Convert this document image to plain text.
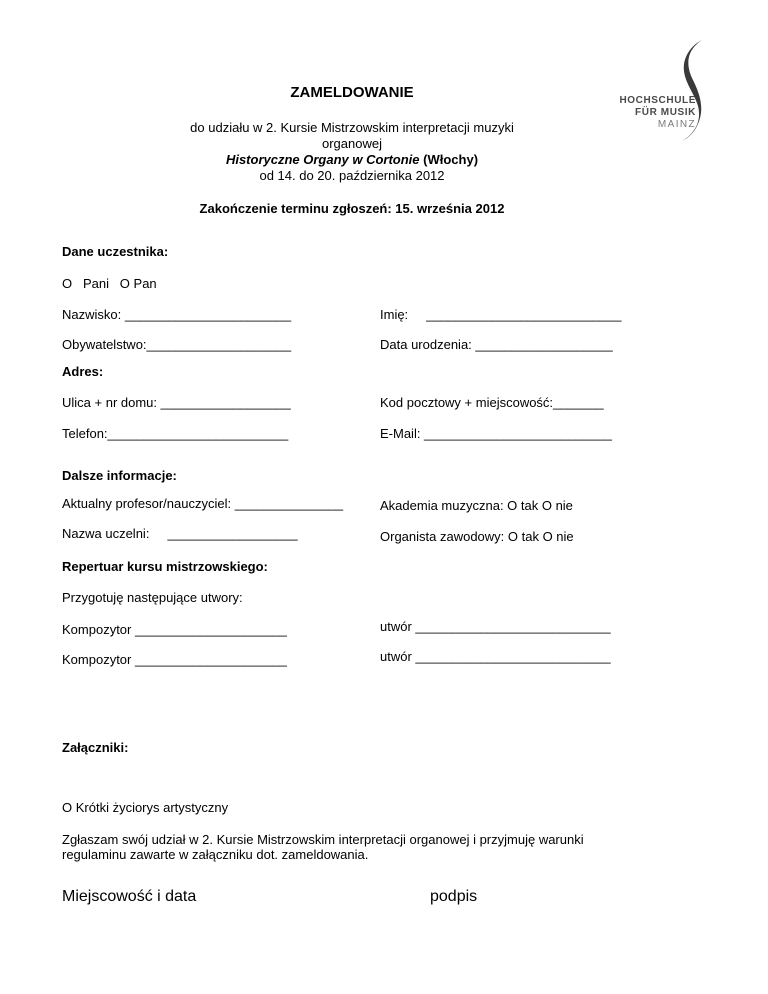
HOCHSCHULE
FÜR MUSIK
MAINZ
ZAMELDOWANIE
do udziału w 2. Kursie Mistrzowskim interpretacji muzyki
organowej
Historyczne Organy w Cortonie (Włochy)
od 14. do 20. października 2012
Zakończenie terminu zgłoszeń: 15. września 2012
Dane uczestnika:
O   Pani   O Pan
Nazwisko: _______________________	Imię:     ___________________________
Obywatelstwo:____________________	Data urodzenia: ___________________
Adres:
Ulica + nr domu: __________________	Kod pocztowy + miejscowość:_______
Telefon:_________________________	E-Mail: __________________________
Dalsze informacje:
Aktualny profesor/nauczyciel: _______________	Akademia muzyczna: O tak O nie
Nazwa uczelni:     __________________	Organista zawodowy: O tak O nie
Repertuar kursu mistrzowskiego:
Przygotuję następujące utwory:
Kompozytor _____________________	utwór ___________________________
Kompozytor _____________________	utwór ___________________________
Załączniki:
O Krótki życiorys artystyczny
Zgłaszam swój udział w 2. Kursie Mistrzowskim interpretacji organowej i przyjmuję warunki
regulaminu zawarte w załączniku dot. zameldowania.
Miejscowość i data	podpis
